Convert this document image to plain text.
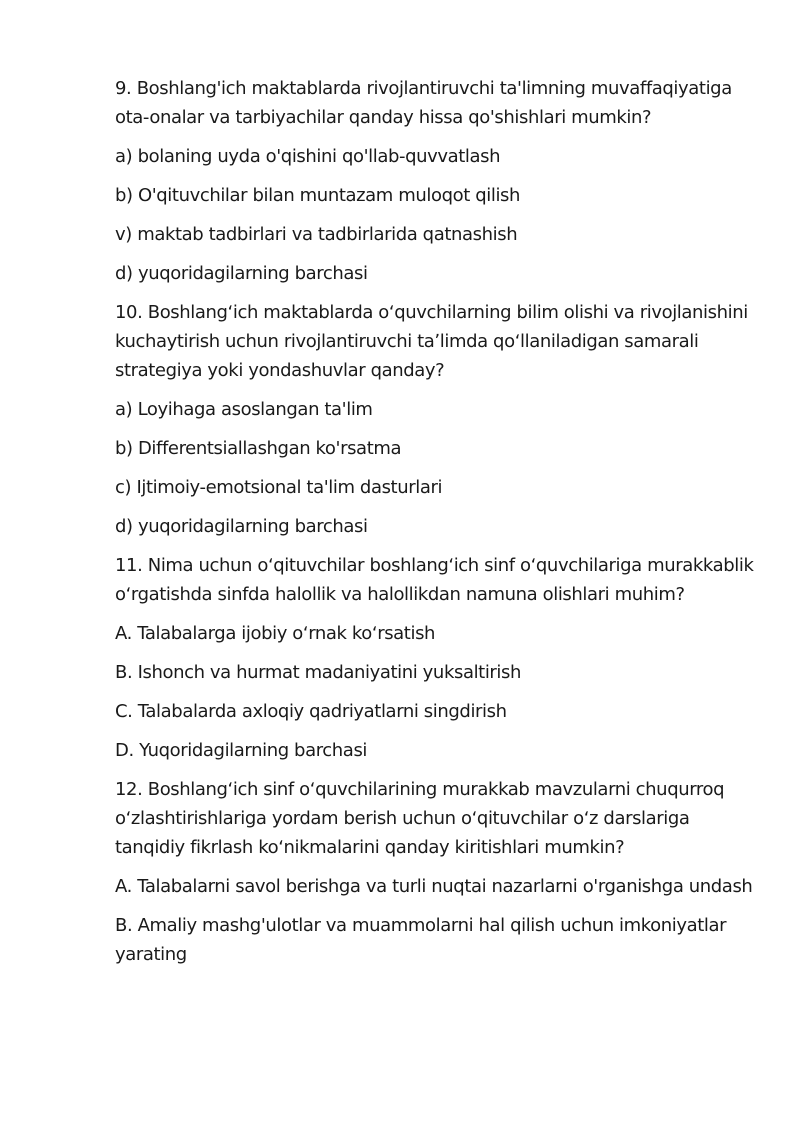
9. Boshlang'ich maktablarda rivojlantiruvchi ta'limning muvaffaqiyatiga ota-onalar va tarbiyachilar qanday hissa qo'shishlari mumkin?

a) bolaning uyda o'qishini qo'llab-quvvatlash

b) O'qituvchilar bilan muntazam muloqot qilish

v) maktab tadbirlari va tadbirlarida qatnashish

d) yuqoridagilarning barchasi

10. Boshlangʻich maktablarda oʻquvchilarning bilim olishi va rivojlanishini kuchaytirish uchun rivojlantiruvchi taʼlimda qoʻllaniladigan samarali strategiya yoki yondashuvlar qanday?

a) Loyihaga asoslangan ta'lim

b) Differentsiallashgan ko'rsatma

c) Ijtimoiy-emotsional ta'lim dasturlari

d) yuqoridagilarning barchasi

11. Nima uchun oʻqituvchilar boshlangʻich sinf oʻquvchilariga murakkablik oʻrgatishda sinfda halollik va halollikdan namuna olishlari muhim?

A. Talabalarga ijobiy oʻrnak koʻrsatish

B. Ishonch va hurmat madaniyatini yuksaltirish

C. Talabalarda axloqiy qadriyatlarni singdirish

D. Yuqoridagilarning barchasi

12. Boshlangʻich sinf oʻquvchilarining murakkab mavzularni chuqurroq oʻzlashtirishlariga yordam berish uchun oʻqituvchilar oʻz darslariga tanqidiy fikrlash koʻnikmalarini qanday kiritishlari mumkin?

A. Talabalarni savol berishga va turli nuqtai nazarlarni o'rganishga undash

B. Amaliy mashg'ulotlar va muammolarni hal qilish uchun imkoniyatlar yarating
